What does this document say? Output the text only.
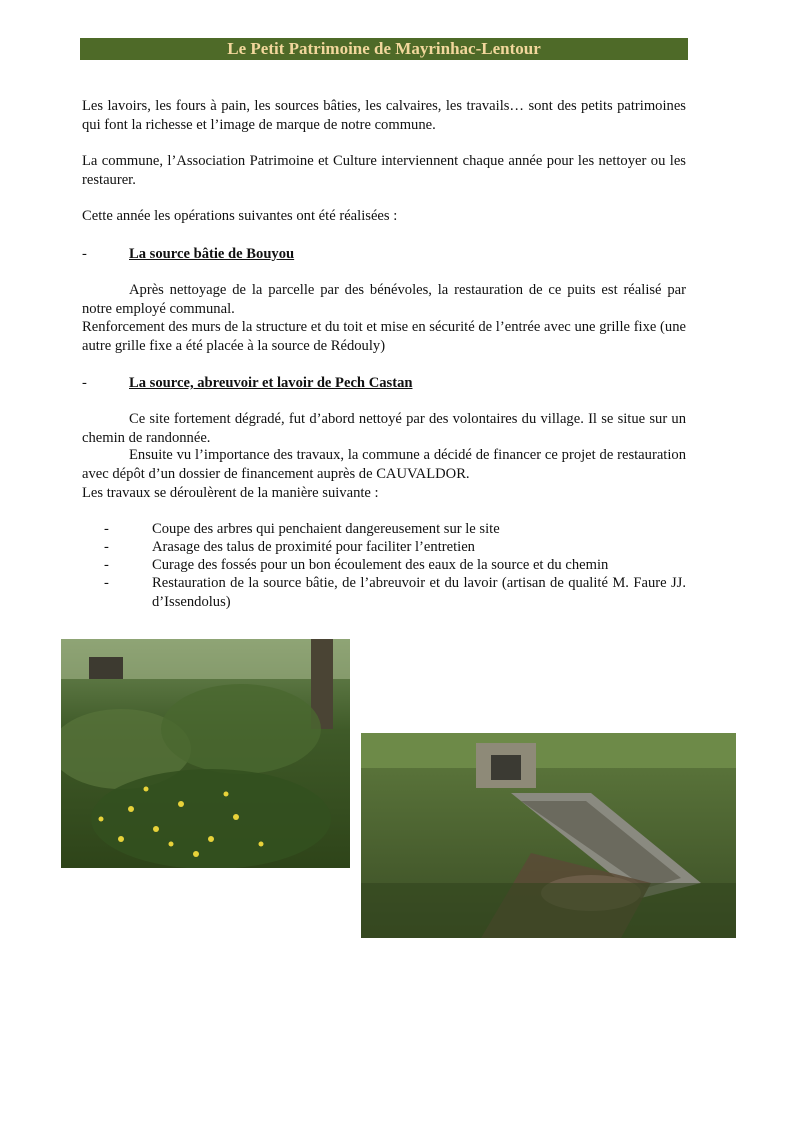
Le Petit Patrimoine de Mayrinhac-Lentour

Les lavoirs, les fours à pain, les sources bâties, les calvaires, les travails… sont des petits patrimoines qui font la richesse et l’image de marque de notre commune.

La commune, l’Association Patrimoine et Culture interviennent chaque année pour les nettoyer ou les restaurer.

Cette année les opérations suivantes ont été réalisées :

-	La source bâtie de Bouyou

Après nettoyage de la parcelle par des bénévoles, la restauration de ce puits est réalisé par notre employé communal.

Renforcement des murs de la structure et du toit et mise en sécurité de l’entrée avec une grille fixe (une autre grille fixe a été placée à la source de Rédouly)

-	La source, abreuvoir et lavoir de Pech Castan

Ce site fortement dégradé, fut d’abord nettoyé par des volontaires du village. Il se situe sur un chemin de randonnée.

Ensuite vu l’importance des travaux, la commune a décidé de financer ce projet de restauration avec dépôt d’un dossier de financement auprès de CAUVALDOR.

Les travaux se déroulèrent de la manière suivante :

-	Coupe des arbres qui penchaient dangereusement sur le site
-	Arasage des talus de proximité pour faciliter l’entretien
-	Curage des fossés pour un bon écoulement des eaux de la source et du chemin
-	Restauration de la source bâtie, de l’abreuvoir et du lavoir (artisan de qualité M. Faure JJ. d’Issendolus)
